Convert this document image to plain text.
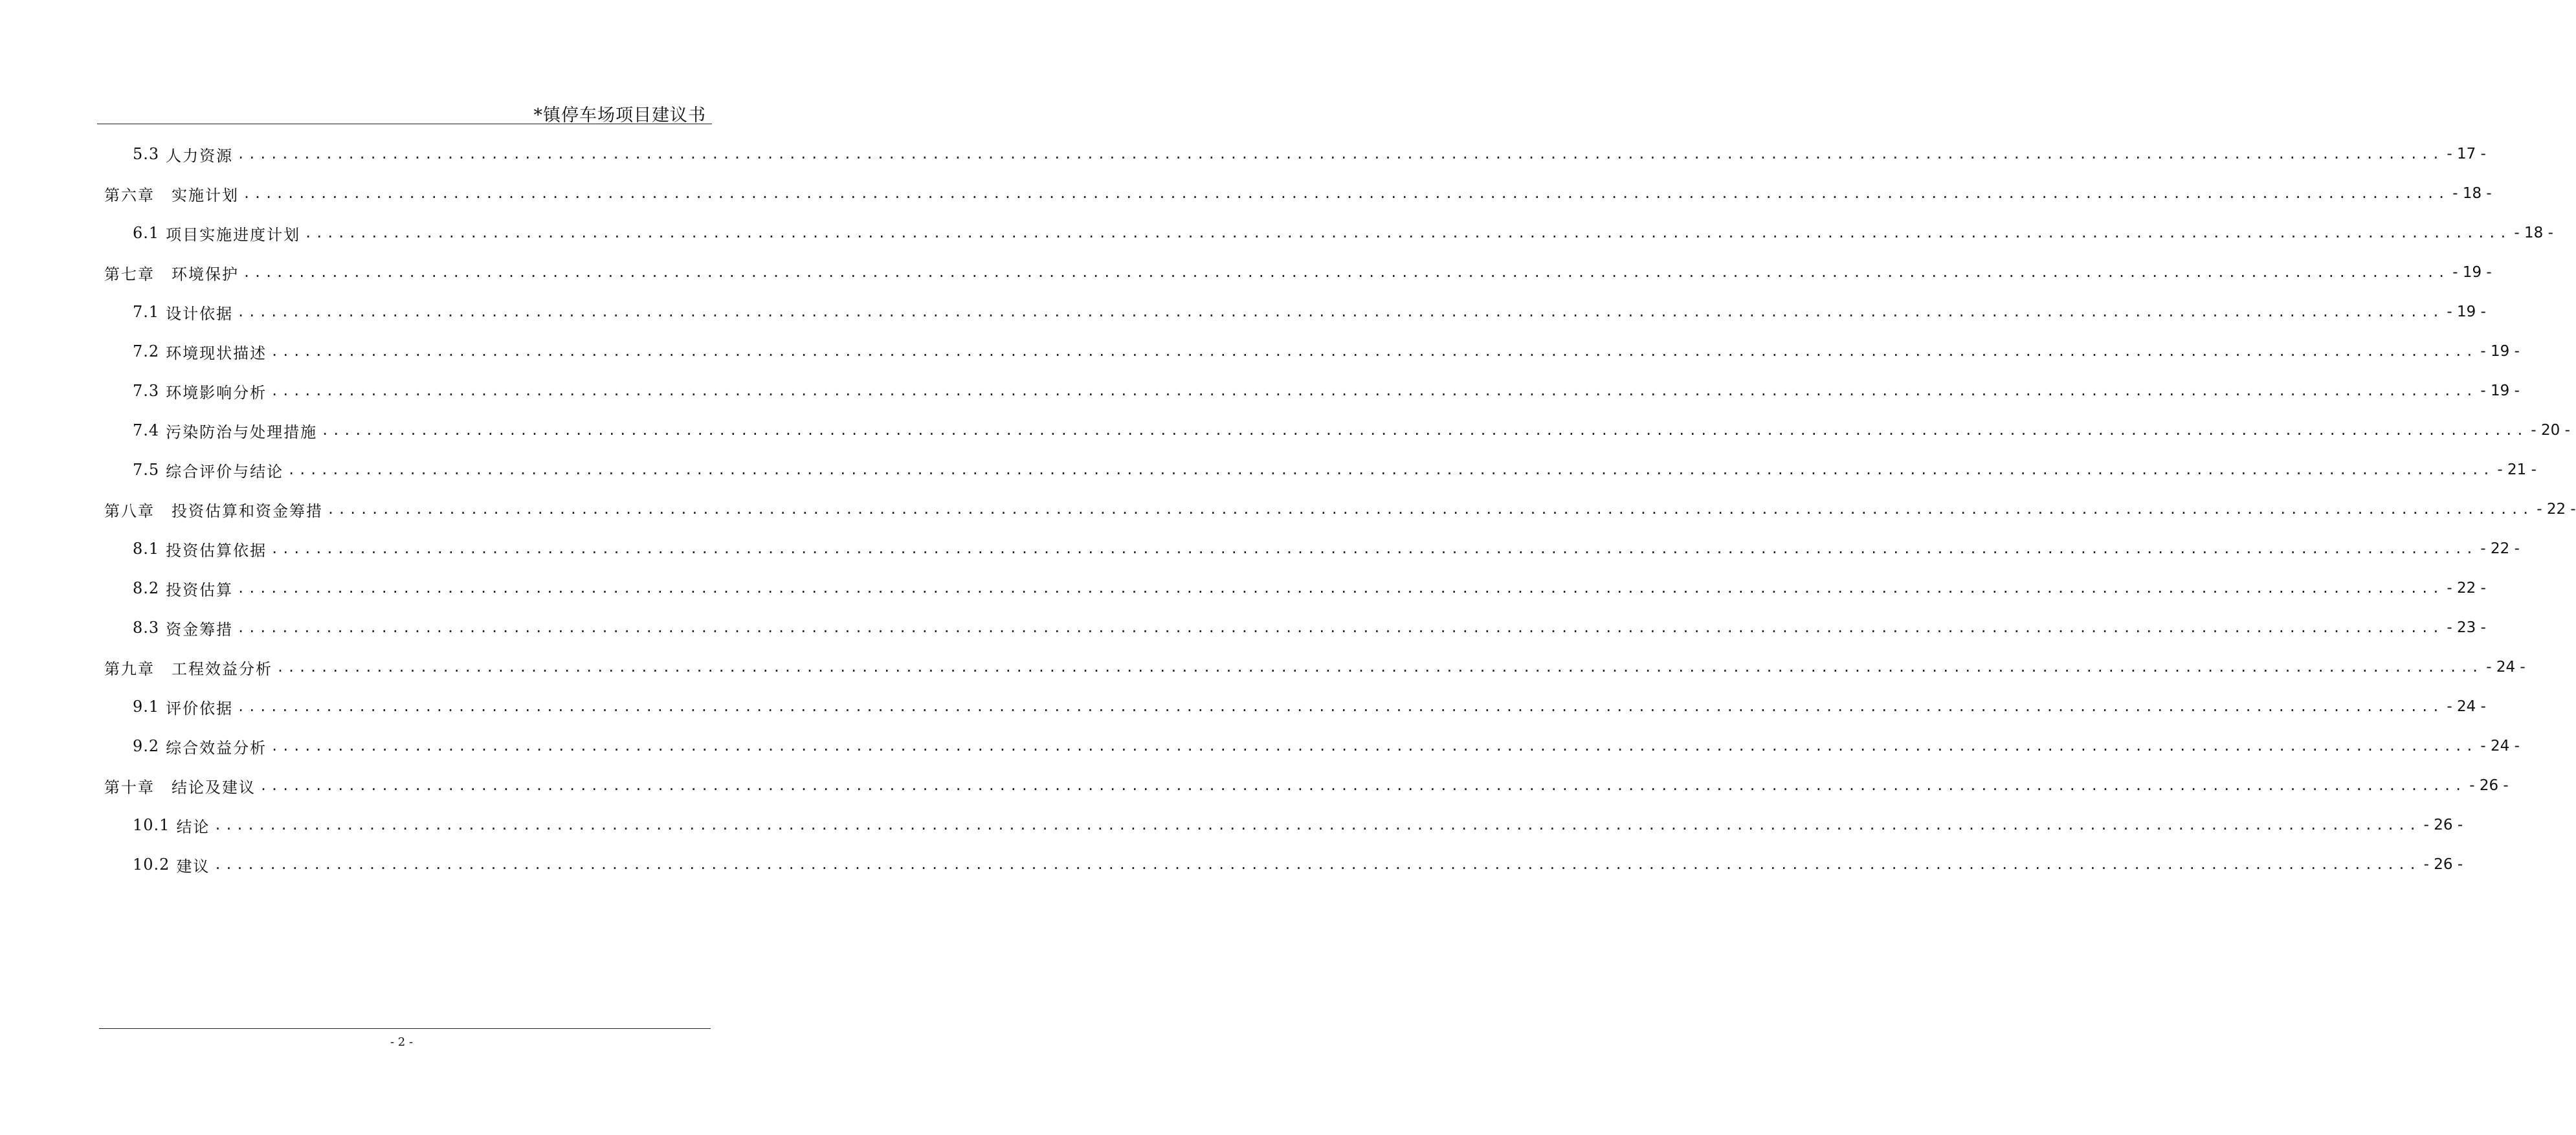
*镇停车场项目建议书
5.3 人力资源 ........................................................................................................................................................................................................ - 17 -
第六章 实施计划 ........................................................................................................................................................................................................ - 18 -
6.1 项目实施进度计划 ........................................................................................................................................................................................................ - 18 -
第七章 环境保护 ........................................................................................................................................................................................................ - 19 -
7.1 设计依据 ........................................................................................................................................................................................................ - 19 -
7.2 环境现状描述 ........................................................................................................................................................................................................ - 19 -
7.3 环境影响分析 ........................................................................................................................................................................................................ - 19 -
7.4 污染防治与处理措施 ........................................................................................................................................................................................................ - 20 -
7.5 综合评价与结论 ........................................................................................................................................................................................................ - 21 -
第八章 投资估算和资金筹措 ........................................................................................................................................................................................................ - 22 -
8.1 投资估算依据 ........................................................................................................................................................................................................ - 22 -
8.2 投资估算 ........................................................................................................................................................................................................ - 22 -
8.3 资金筹措 ........................................................................................................................................................................................................ - 23 -
第九章 工程效益分析 ........................................................................................................................................................................................................ - 24 -
9.1 评价依据 ........................................................................................................................................................................................................ - 24 -
9.2 综合效益分析 ........................................................................................................................................................................................................ - 24 -
第十章 结论及建议 ........................................................................................................................................................................................................ - 26 -
10.1 结论 ........................................................................................................................................................................................................ - 26 -
10.2 建议 ........................................................................................................................................................................................................ - 26 -
- 2 -
